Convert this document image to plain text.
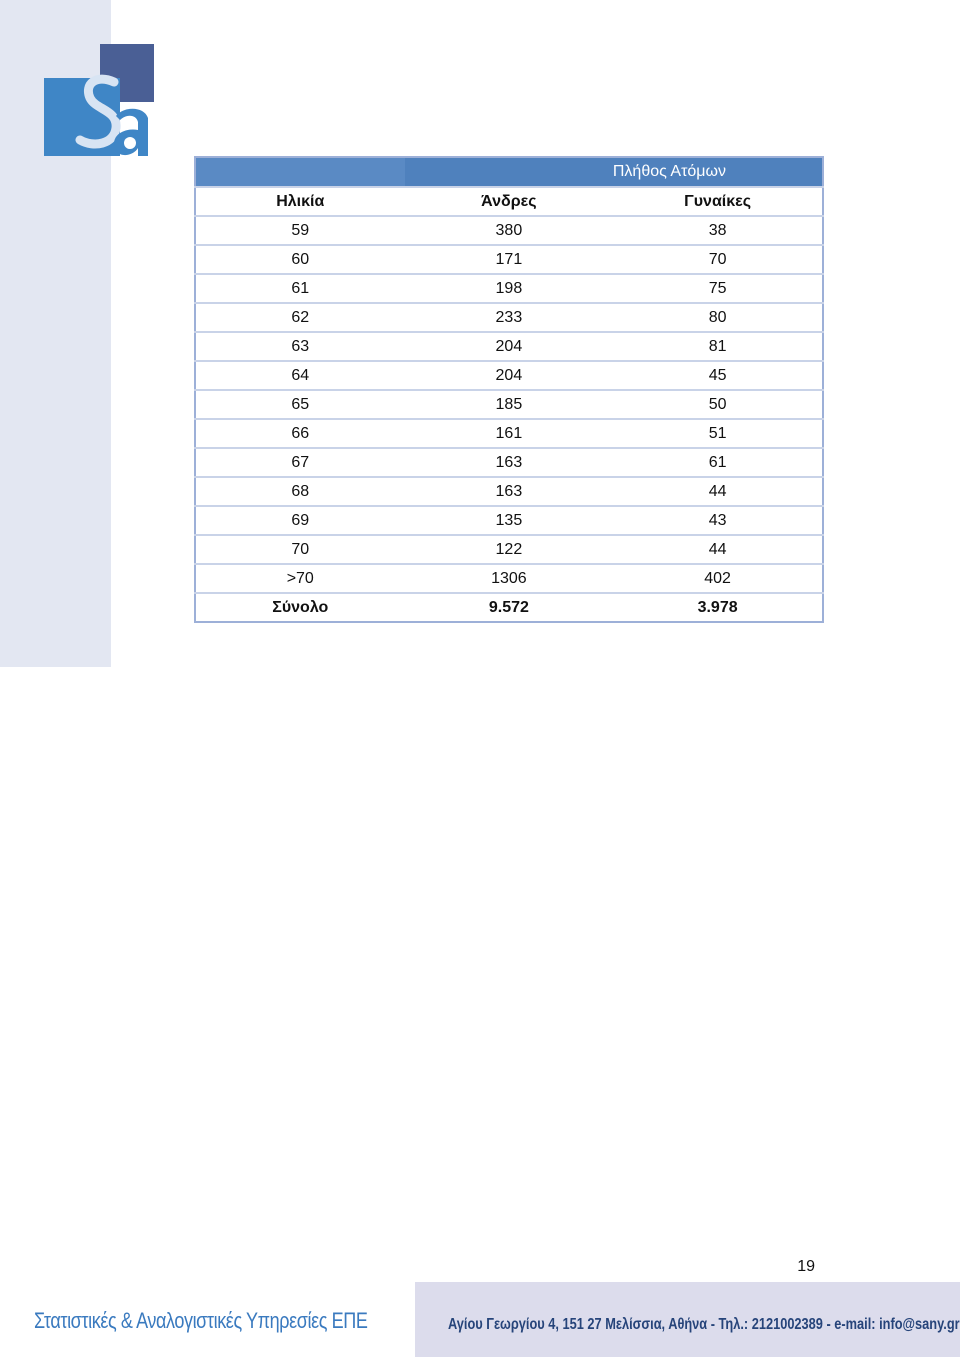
	Πλήθος Ατόμων	
Ηλικία	Άνδρες	Γυναίκες
59	380	38
60	171	70
61	198	75
62	233	80
63	204	81
64	204	45
65	185	50
66	161	51
67	163	61
68	163	44
69	135	43
70	122	44
>70	1306	402
Σύνολο	9.572	3.978
19
Στατιστικές & Αναλογιστικές Υπηρεσίες ΕΠΕ	Αγίου Γεωργίου 4, 151 27 Μελίσσια, Αθήνα - Τηλ.: 2121002389 - e-mail: info@sany.gr
